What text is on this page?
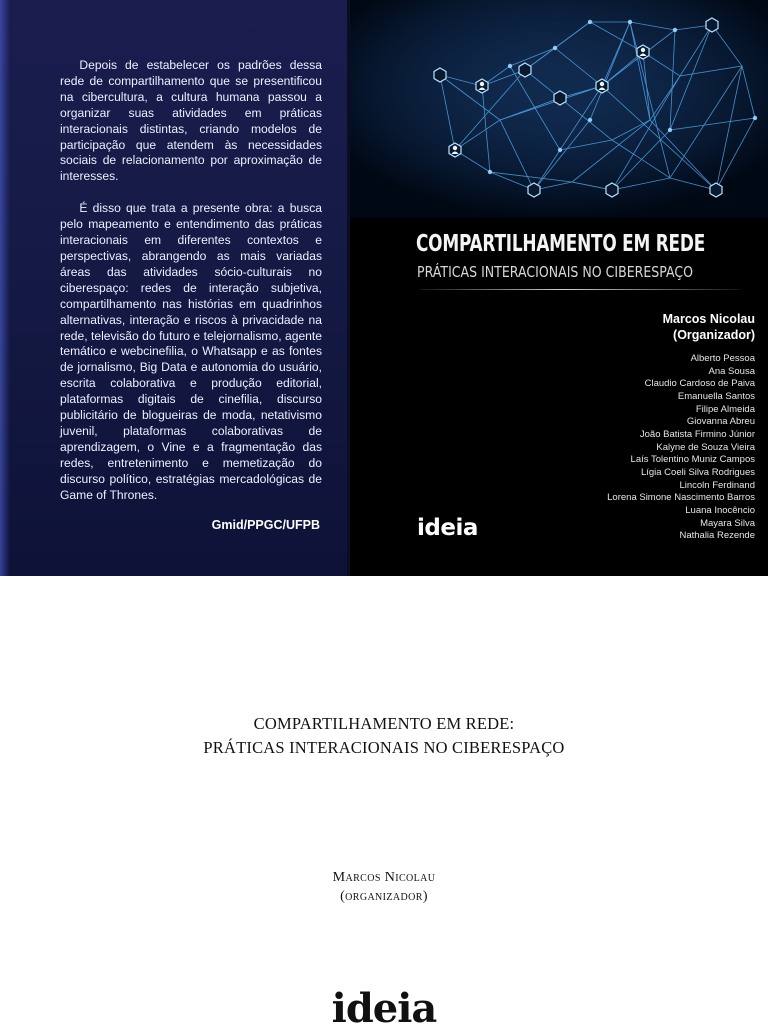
Depois de estabelecer os padrões dessa rede de compartilhamento que se presentificou na cibercultura, a cultura humana passou a organizar suas atividades em práticas interacionais distintas, criando modelos de participação que atendem às necessidades sociais de relacionamento por aproximação de interesses.

É disso que trata a presente obra: a busca pelo mapeamento e entendimento das práticas interacionais em diferentes contextos e perspectivas, abrangendo as mais variadas áreas das atividades sócio-culturais no ciberespaço: redes de interação subjetiva, compartilhamento nas histórias em quadrinhos alternativas, interação e riscos à privacidade na rede, televisão do futuro e telejornalismo, agente temático e webcinefilia, o Whatsapp e as fontes de jornalismo, Big Data e autonomia do usuário, escrita colaborativa e produção editorial, plataformas digitais de cinefilia, discurso publicitário de blogueiras de moda, netativismo juvenil, plataformas colaborativas de aprendizagem, o Vine e a fragmentação das redes, entretenimento e memetização do discurso político, estratégias mercadológicas de Game of Thrones.

Gmid/PPGC/UFPB
COMPARTILHAMENTO EM REDE
PRÁTICAS INTERACIONAIS NO CIBERESPAÇO
Marcos Nicolau
(Organizador)
Alberto Pessoa
Ana Sousa
Claudio Cardoso de Paiva
Emanuella Santos
Filipe Almeida
Giovanna Abreu
João Batista Firmino Júnior
Kalyne de Souza Vieira
Laís Tolentino Muniz Campos
Lígia Coeli Silva Rodrigues
Lincoln Ferdinand
Lorena Simone Nascimento Barros
Luana Inocêncio
Mayara Silva
Nathalia Rezende
ideia
COMPARTILHAMENTO EM REDE:
PRÁTICAS INTERACIONAIS NO CIBERESPAÇO
Marcos Nicolau
(organizador)
ideia
